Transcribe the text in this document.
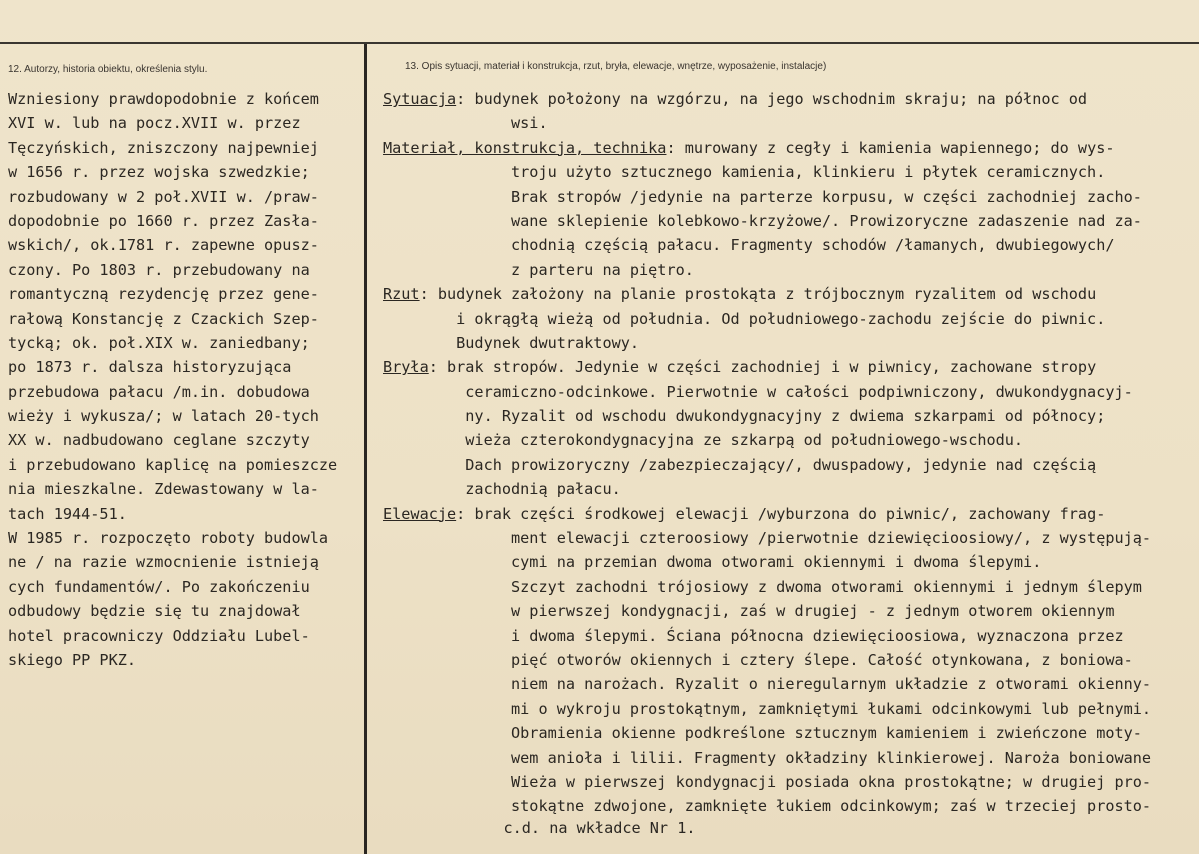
12. Autorzy, historia obiektu, określenia stylu.	13. Opis sytuacji, materiał i konstrukcja, rzut, bryła, elewacje, wnętrze, wyposażenie, instalacje)
Wzniesiony prawdopodobnie z końcem
XVI w. lub na pocz.XVII w. przez
Tęczyńskich, zniszczony najpewniej
w 1656 r. przez wojska szwedzkie;
rozbudowany w 2 poł.XVII w. /praw-
dopodobnie po 1660 r. przez Zasła-
wskich/, ok.1781 r. zapewne opusz-
czony. Po 1803 r. przebudowany na
romantyczną rezydencję przez gene-
rałową Konstancję z Czackich Szep-
tycką; ok. poł.XIX w. zaniedbany;
po 1873 r. dalsza historyzująca
przebudowa pałacu /m.in. dobudowa
wieży i wykusza/; w latach 20-tych
XX w. nadbudowano ceglane szczyty
i przebudowano kaplicę na pomieszcze
nia mieszkalne. Zdewastowany w la-
tach 1944-51.
W 1985 r. rozpoczęto roboty budowla
ne / na razie wzmocnienie istnieją
cych fundamentów/. Po zakończeniu
odbudowy będzie się tu znajdował
hotel pracowniczy Oddziału Lubel-
skiego PP PKZ.
Sytuacja: budynek położony na wzgórzu, na jego wschodnim skraju; na północ od
wsi.
Materiał, konstrukcja, technika: murowany z cegły i kamienia wapiennego; do wys-
troju użyto sztucznego kamienia, klinkieru i płytek ceramicznych.
Brak stropów /jedynie na parterze korpusu, w części zachodniej zacho-
wane sklepienie kolebkowo-krzyżowe/. Prowizoryczne zadaszenie nad za-
chodnią częścią pałacu. Fragmenty schodów /łamanych, dwubiegowych/
z parteru na piętro.
Rzut: budynek założony na planie prostokąta z trójbocznym ryzalitem od wschodu
i okrągłą wieżą od południa. Od południowego-zachodu zejście do piwnic.
Budynek dwutraktowy.
Bryła: brak stropów. Jedynie w części zachodniej i w piwnicy, zachowane stropy
ceramiczno-odcinkowe. Pierwotnie w całości podpiwniczony, dwukondygnacyj-
ny. Ryzalit od wschodu dwukondygnacyjny z dwiema szkarpami od północy;
wieża czterokondygnacyjna ze szkarpą od południowego-wschodu.
Dach prowizoryczny /zabezpieczający/, dwuspadowy, jedynie nad częścią
zachodnią pałacu.
Elewacje: brak części środkowej elewacji /wyburzona do piwnic/, zachowany frag-
ment elewacji czteroosiowy /pierwotnie dziewięcioosiowy/, z występują-
cymi na przemian dwoma otworami okiennymi i dwoma ślepymi.
Szczyt zachodni trójosiowy z dwoma otworami okiennymi i jednym ślepym
w pierwszej kondygnacji, zaś w drugiej - z jednym otworem okiennym
i dwoma ślepymi. Ściana północna dziewięcioosiowa, wyznaczona przez
pięć otworów okiennych i cztery ślepe. Całość otynkowana, z boniowa-
niem na narożach. Ryzalit o nieregularnym układzie z otworami okienny-
mi o wykroju prostokątnym, zamkniętymi łukami odcinkowymi lub pełnymi.
Obramienia okienne podkreślone sztucznym kamieniem i zwieńczone moty-
wem anioła i lilii. Fragmenty okładziny klinkierowej. Naroża boniowane
Wieża w pierwszej kondygnacji posiada okna prostokątne; w drugiej pro-
stokątne zdwojone, zamknięte łukiem odcinkowym; zaś w trzeciej prosto-
c.d. na wkładce Nr 1.
